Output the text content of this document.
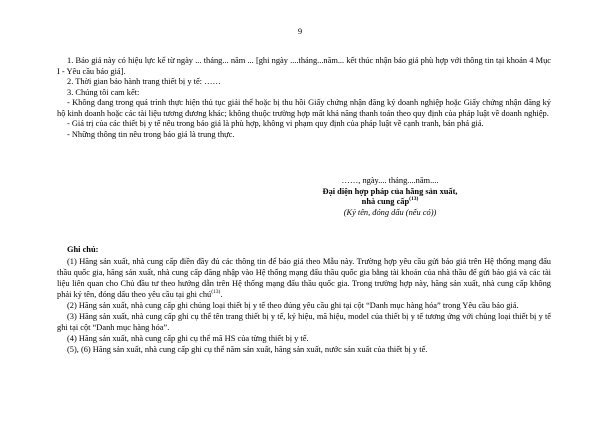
9

1. Báo giá này có hiệu lực kể từ ngày ... tháng... năm ... [ghi ngày ....tháng...năm... kết thúc nhận báo giá phù hợp với thông tin tại khoản 4 Mục I - Yêu cầu báo giá].

2. Thời gian bảo hành trang thiết bị y tế: ……

3. Chúng tôi cam kết:

- Không đang trong quá trình thực hiện thủ tục giải thể hoặc bị thu hồi Giấy chứng nhận đăng ký doanh nghiệp hoặc Giấy chứng nhận đăng ký hộ kinh doanh hoặc các tài liệu tương đương khác; không thuộc trường hợp mất khả năng thanh toán theo quy định của pháp luật về doanh nghiệp.

- Giá trị của các thiết bị y tế nêu trong báo giá là phù hợp, không vi phạm quy định của pháp luật về cạnh tranh, bán phá giá.

- Những thông tin nêu trong báo giá là trung thực.

……, ngày.... tháng....năm....

Đại diện hợp pháp của hãng sản xuất,

nhà cung cấp$^{(13)}$

(Ký tên, đóng dấu (nếu có))

Ghi chú:

(1) Hãng sản xuất, nhà cung cấp điền đầy đủ các thông tin để báo giá theo Mẫu này. Trường hợp yêu cầu gửi báo giá trên Hệ thống mạng đấu thầu quốc gia, hãng sản xuất, nhà cung cấp đăng nhập vào Hệ thống mạng đấu thầu quốc gia bằng tài khoản của nhà thầu để gửi báo giá và các tài liệu liên quan cho Chủ đầu tư theo hướng dẫn trên Hệ thống mạng đấu thầu quốc gia. Trong trường hợp này, hãng sản xuất, nhà cung cấp không phải ký tên, đóng dấu theo yêu cầu tại ghi chú$^{(13)}$.

(2) Hãng sản xuất, nhà cung cấp ghi chủng loại thiết bị y tế theo đúng yêu cầu ghi tại cột “Danh mục hàng hóa” trong Yêu cầu báo giá.

(3) Hãng sản xuất, nhà cung cấp ghi cụ thể tên trang thiết bị y tế, ký hiệu, mã hiệu, model của thiết bị y tế tương ứng với chủng loại thiết bị y tế ghi tại cột “Danh mục hàng hóa”.

(4) Hãng sản xuất, nhà cung cấp ghi cụ thể mã HS của từng thiết bị y tế.

(5), (6) Hãng sản xuất, nhà cung cấp ghi cụ thể năm sản xuất, hãng sản xuất, nước sản xuất của thiết bị y tế.
